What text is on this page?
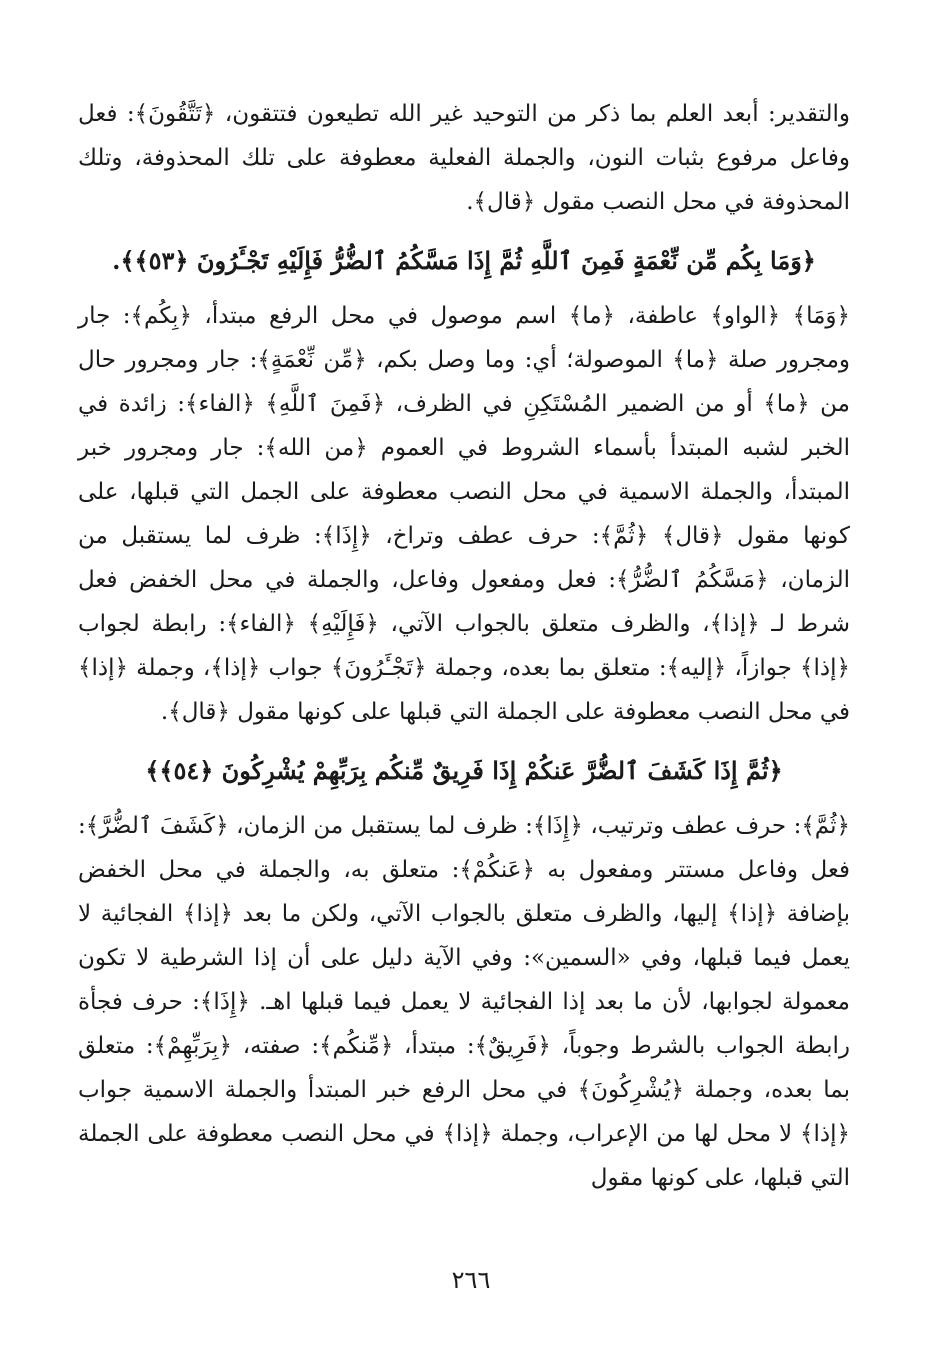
والتقدير: أبعد العلم بما ذكر من التوحيد غير الله تطيعون فتتقون، ﴿تَتَّقُونَ﴾: فعل وفاعل مرفوع بثبات النون، والجملة الفعلية معطوفة على تلك المحذوفة، وتلك المحذوفة في محل النصب مقول ﴿قال﴾.

﴿وَمَا بِكُم مِّن نِّعْمَةٍ فَمِنَ ٱللَّهِ ثُمَّ إِذَا مَسَّكُمُ ٱلضُّرُّ فَإِلَيْهِ تَجْـَٔرُونَ ﴿٥٣﴾﴾.

﴿وَمَا﴾ ﴿الواو﴾ عاطفة، ﴿ما﴾ اسم موصول في محل الرفع مبتدأ، ﴿بِكُم﴾: جار ومجرور صلة ﴿ما﴾ الموصولة؛ أي: وما وصل بكم، ﴿مِّن نِّعْمَةٍ﴾: جار ومجرور حال من ﴿ما﴾ أو من الضمير المُسْتَكِنِ في الظرف، ﴿فَمِنَ ٱللَّهِ﴾ ﴿الفاء﴾: زائدة في الخبر لشبه المبتدأ بأسماء الشروط في العموم ﴿من الله﴾: جار ومجرور خبر المبتدأ، والجملة الاسمية في محل النصب معطوفة على الجمل التي قبلها، على كونها مقول ﴿قال﴾ ﴿ثُمَّ﴾: حرف عطف وتراخ، ﴿إِذَا﴾: ظرف لما يستقبل من الزمان، ﴿مَسَّكُمُ ٱلضُّرُّ﴾: فعل ومفعول وفاعل، والجملة في محل الخفض فعل شرط لـ ﴿إذا﴾، والظرف متعلق بالجواب الآتي، ﴿فَإِلَيْهِ﴾ ﴿الفاء﴾: رابطة لجواب ﴿إذا﴾ جوازاً، ﴿إليه﴾: متعلق بما بعده، وجملة ﴿تَجْـَٔرُونَ﴾ جواب ﴿إذا﴾، وجملة ﴿إذا﴾ في محل النصب معطوفة على الجملة التي قبلها على كونها مقول ﴿قال﴾.

﴿ثُمَّ إِذَا كَشَفَ ٱلضُّرَّ عَنكُمْ إِذَا فَرِيقٌ مِّنكُم بِرَبِّهِمْ يُشْرِكُونَ ﴿٥٤﴾﴾

﴿ثُمَّ﴾: حرف عطف وترتيب، ﴿إِذَا﴾: ظرف لما يستقبل من الزمان، ﴿كَشَفَ ٱلضُّرَّ﴾: فعل وفاعل مستتر ومفعول به ﴿عَنكُمْ﴾: متعلق به، والجملة في محل الخفض بإضافة ﴿إذا﴾ إليها، والظرف متعلق بالجواب الآتي، ولكن ما بعد ﴿إذا﴾ الفجائية لا يعمل فيما قبلها، وفي «السمين»: وفي الآية دليل على أن إذا الشرطية لا تكون معمولة لجوابها، لأن ما بعد إذا الفجائية لا يعمل فيما قبلها اهـ. ﴿إِذَا﴾: حرف فجأة رابطة الجواب بالشرط وجوباً، ﴿فَرِيقٌ﴾: مبتدأ، ﴿مِّنكُم﴾: صفته، ﴿بِرَبِّهِمْ﴾: متعلق بما بعده، وجملة ﴿يُشْرِكُونَ﴾ في محل الرفع خبر المبتدأ والجملة الاسمية جواب ﴿إذا﴾ لا محل لها من الإعراب، وجملة ﴿إذا﴾ في محل النصب معطوفة على الجملة التي قبلها، على كونها مقول

٢٦٦
